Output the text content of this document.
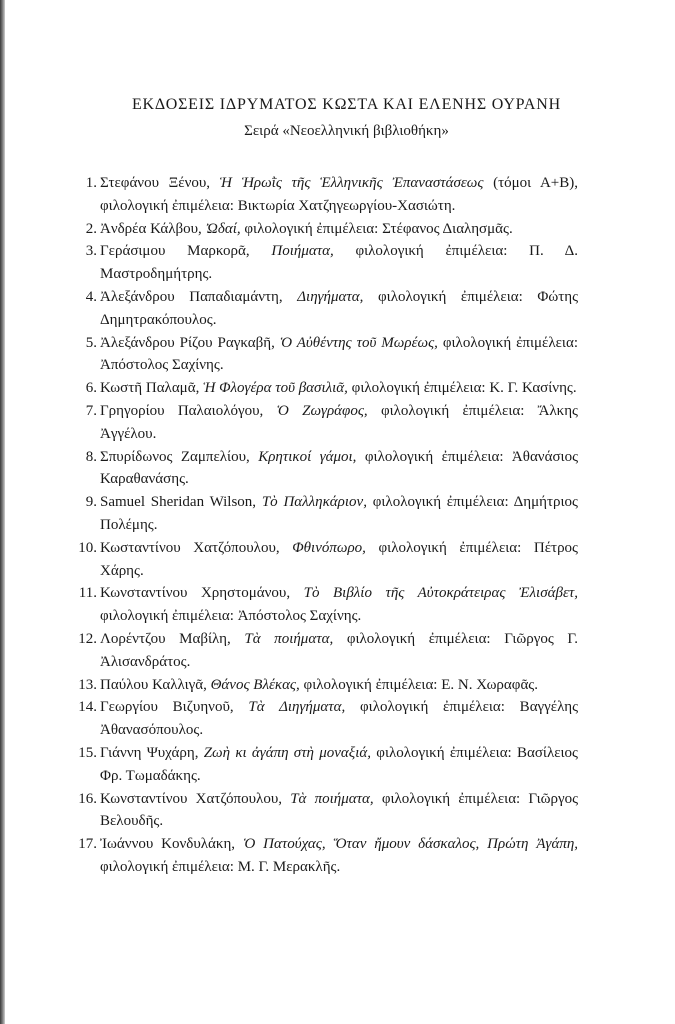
ΕΚΔΟΣΕΙΣ ΙΔΡΥΜΑΤΟΣ ΚΩΣΤΑ ΚΑΙ ΕΛΕΝΗΣ ΟΥΡΑΝΗ
Σειρά «Νεοελληνική βιβλιοθήκη»
1. Στεφάνου Ξένου, Ἡ Ἡρωῒς τῆς Ἑλληνικῆς Ἐπαναστάσεως (τόμοι Α+Β), φιλολογική ἐπιμέλεια: Βικτωρία Χατζηγεωργίου-Χασιώτη.
2. Ἀνδρέα Κάλβου, Ὠδαί, φιλολογική ἐπιμέλεια: Στέφανος Διαλησμᾶς.
3. Γεράσιμου Μαρκορᾶ, Ποιήματα, φιλολογική ἐπιμέλεια: Π. Δ. Μαστροδημήτρης.
4. Ἀλεξάνδρου Παπαδιαμάντη, Διηγήματα, φιλολογική ἐπιμέλεια: Φώτης Δημητρακόπουλος.
5. Ἀλεξάνδρου Ρίζου Ραγκαβῆ, Ὁ Αὐθέντης τοῦ Μωρέως, φιλολογική ἐπιμέλεια: Ἀπόστολος Σαχίνης.
6. Κωστῆ Παλαμᾶ, Ἡ Φλογέρα τοῦ βασιλιᾶ, φιλολογική ἐπιμέλεια: Κ. Γ. Κασίνης.
7. Γρηγορίου Παλαιολόγου, Ὁ Ζωγράφος, φιλολογική ἐπιμέλεια: Ἄλκης Ἀγγέλου.
8. Σπυρίδωνος Ζαμπελίου, Κρητικοί γάμοι, φιλολογική ἐπιμέλεια: Ἀθανάσιος Καραθανάσης.
9. Samuel Sheridan Wilson, Τὸ Παλληκάριον, φιλολογική ἐπιμέλεια: Δημήτριος Πολέμης.
10. Κωσταντίνου Χατζόπουλου, Φθινόπωρο, φιλολογική ἐπιμέλεια: Πέτρος Χάρης.
11. Κωνσταντίνου Χρηστομάνου, Τὸ Βιβλίο τῆς Αὐτοκράτειρας Ἐλισάβετ, φιλολογική ἐπιμέλεια: Ἀπόστολος Σαχίνης.
12. Λορέντζου Μαβίλη, Τὰ ποιήματα, φιλολογική ἐπιμέλεια: Γιῶργος Γ. Ἀλισανδράτος.
13. Παύλου Καλλιγᾶ, Θάνος Βλέκας, φιλολογική ἐπιμέλεια: Ε. Ν. Χωραφᾶς.
14. Γεωργίου Βιζυηνοῦ, Τὰ Διηγήματα, φιλολογική ἐπιμέλεια: Βαγγέλης Ἀθανασόπουλος.
15. Γιάννη Ψυχάρη, Ζωὴ κι ἀγάπη στὴ μοναξιά, φιλολογική ἐπιμέλεια: Βασίλειος Φρ. Τωμαδάκης.
16. Κωνσταντίνου Χατζόπουλου, Τὰ ποιήματα, φιλολογική ἐπιμέλεια: Γιῶργος Βελουδῆς.
17. Ἰωάννου Κονδυλάκη, Ὁ Πατούχας, Ὅταν ἤμουν δάσκαλος, Πρώτη Ἀγάπη, φιλολογική ἐπιμέλεια: Μ. Γ. Μερακλῆς.
